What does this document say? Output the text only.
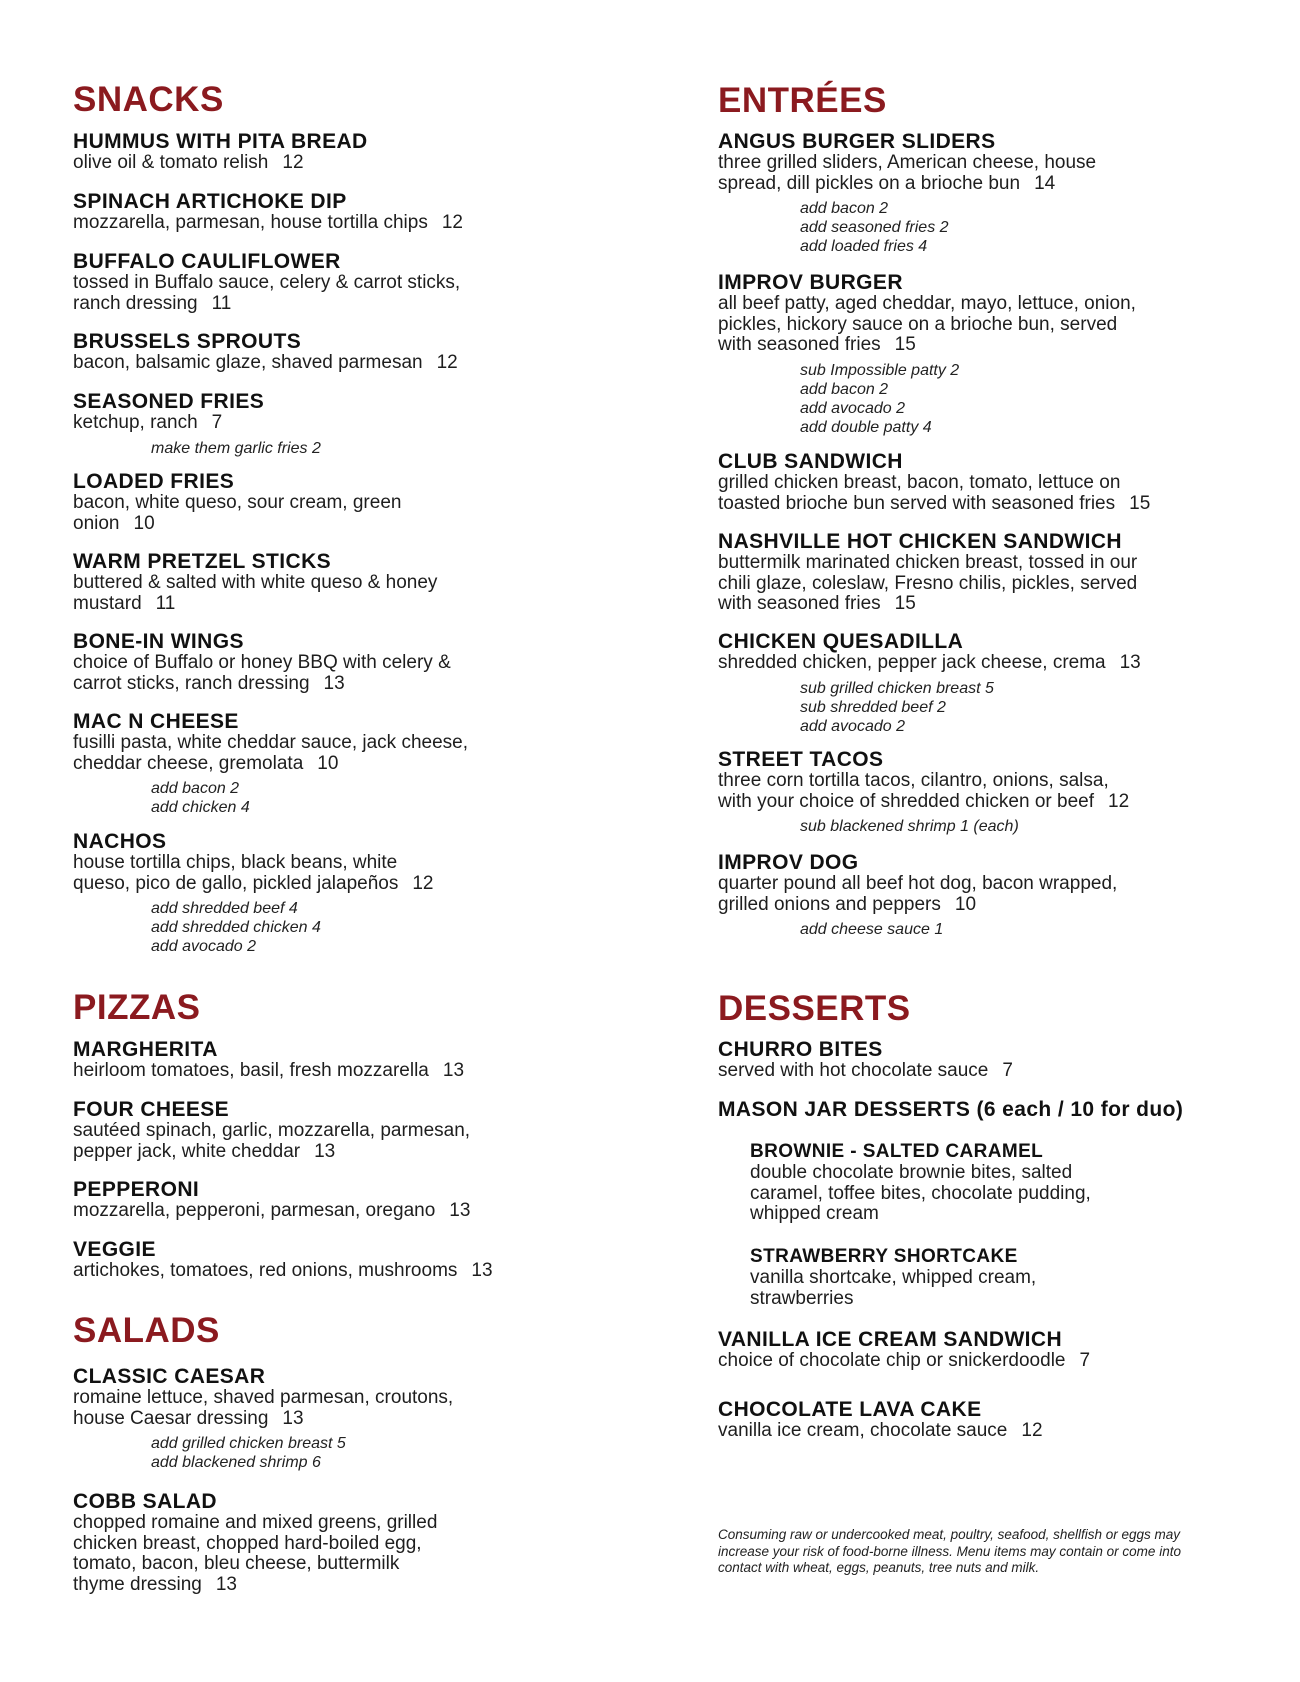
SNACKS
HUMMUS WITH PITA BREAD
olive oil & tomato relish 12
SPINACH ARTICHOKE DIP
mozzarella, parmesan, house tortilla chips 12
BUFFALO CAULIFLOWER
tossed in Buffalo sauce, celery & carrot sticks,
ranch dressing 11
BRUSSELS SPROUTS
bacon, balsamic glaze, shaved parmesan 12
SEASONED FRIES
ketchup, ranch 7
make them garlic fries 2
LOADED FRIES
bacon, white queso, sour cream, green
onion 10
WARM PRETZEL STICKS
buttered & salted with white queso & honey
mustard 11
BONE-IN WINGS
choice of Buffalo or honey BBQ with celery &
carrot sticks, ranch dressing 13
MAC N CHEESE
fusilli pasta, white cheddar sauce, jack cheese,
cheddar cheese, gremolata 10
add bacon 2
add chicken 4
NACHOS
house tortilla chips, black beans, white
queso, pico de gallo, pickled jalapeños 12
add shredded beef 4
add shredded chicken 4
add avocado 2
PIZZAS
MARGHERITA
heirloom tomatoes, basil, fresh mozzarella 13
FOUR CHEESE
sautéed spinach, garlic, mozzarella, parmesan,
pepper jack, white cheddar 13
PEPPERONI
mozzarella, pepperoni, parmesan, oregano 13
VEGGIE
artichokes, tomatoes, red onions, mushrooms 13
SALADS
CLASSIC CAESAR
romaine lettuce, shaved parmesan, croutons,
house Caesar dressing 13
add grilled chicken breast 5
add blackened shrimp 6
COBB SALAD
chopped romaine and mixed greens, grilled
chicken breast, chopped hard-boiled egg,
tomato, bacon, bleu cheese, buttermilk
thyme dressing 13
ENTRÉES
ANGUS BURGER SLIDERS
three grilled sliders, American cheese, house
spread, dill pickles on a brioche bun 14
add bacon 2
add seasoned fries 2
add loaded fries 4
IMPROV BURGER
all beef patty, aged cheddar, mayo, lettuce, onion,
pickles, hickory sauce on a brioche bun, served
with seasoned fries 15
sub Impossible patty 2
add bacon 2
add avocado 2
add double patty 4
CLUB SANDWICH
grilled chicken breast, bacon, tomato, lettuce on
toasted brioche bun served with seasoned fries 15
NASHVILLE HOT CHICKEN SANDWICH
buttermilk marinated chicken breast, tossed in our
chili glaze, coleslaw, Fresno chilis, pickles, served
with seasoned fries 15
CHICKEN QUESADILLA
shredded chicken, pepper jack cheese, crema 13
sub grilled chicken breast 5
sub shredded beef 2
add avocado 2
STREET TACOS
three corn tortilla tacos, cilantro, onions, salsa,
with your choice of shredded chicken or beef 12
sub blackened shrimp 1 (each)
IMPROV DOG
quarter pound all beef hot dog, bacon wrapped,
grilled onions and peppers 10
add cheese sauce 1
DESSERTS
CHURRO BITES
served with hot chocolate sauce 7
MASON JAR DESSERTS (6 each / 10 for duo)
BROWNIE - SALTED CARAMEL
double chocolate brownie bites, salted
caramel, toffee bites, chocolate pudding,
whipped cream
STRAWBERRY SHORTCAKE
vanilla shortcake, whipped cream,
strawberries
VANILLA ICE CREAM SANDWICH
choice of chocolate chip or snickerdoodle 7
CHOCOLATE LAVA CAKE
vanilla ice cream, chocolate sauce 12
Consuming raw or undercooked meat, poultry, seafood, shellfish or eggs may increase your risk of food-borne illness. Menu items may contain or come into contact with wheat, eggs, peanuts, tree nuts and milk.
